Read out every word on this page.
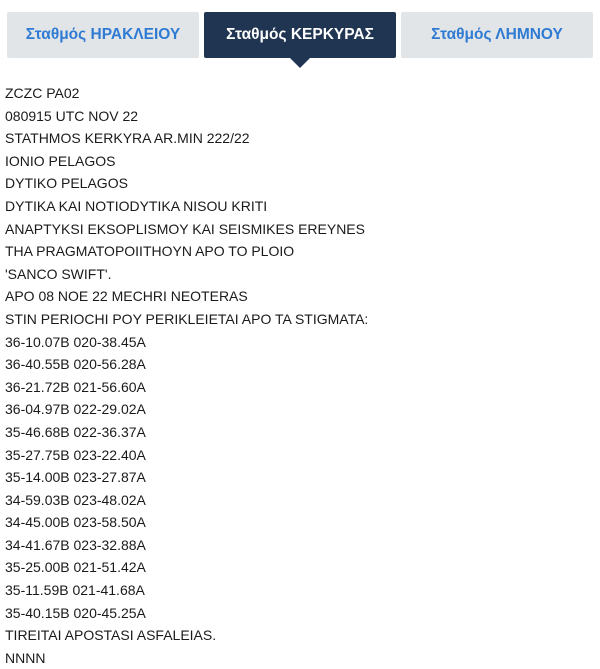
Σταθμός ΗΡΑΚΛΕΙΟΥ	Σταθμός ΚΕΡΚΥΡΑΣ	Σταθμός ΛΗΜΝΟΥ
ZCZC PA02
080915 UTC NOV 22
STATHMOS KERKYRA AR.MIN 222/22
IONIO PELAGOS
DYTIKO PELAGOS
DYTIKA KAI NOTIODYTIKA NISOU KRITI
ANAPTYKSI EKSOPLISMOY KAI SEISMIKES EREYNES
THA PRAGMATOPOIITHOYN APO TO PLOIO
'SANCO SWIFT'.
APO 08 NOE 22 MECHRI NEOTERAS
STIN PERIOCHI POY PERIKLEIETAI APO TA STIGMATA:
36-10.07B 020-38.45A
36-40.55B 020-56.28A
36-21.72B 021-56.60A
36-04.97B 022-29.02A
35-46.68B 022-36.37A
35-27.75B 023-22.40A
35-14.00B 023-27.87A
34-59.03B 023-48.02A
34-45.00B 023-58.50A
34-41.67B 023-32.88A
35-25.00B 021-51.42A
35-11.59B 021-41.68A
35-40.15B 020-45.25A
TIREITAI APOSTASI ASFALEIAS.
NNNN
